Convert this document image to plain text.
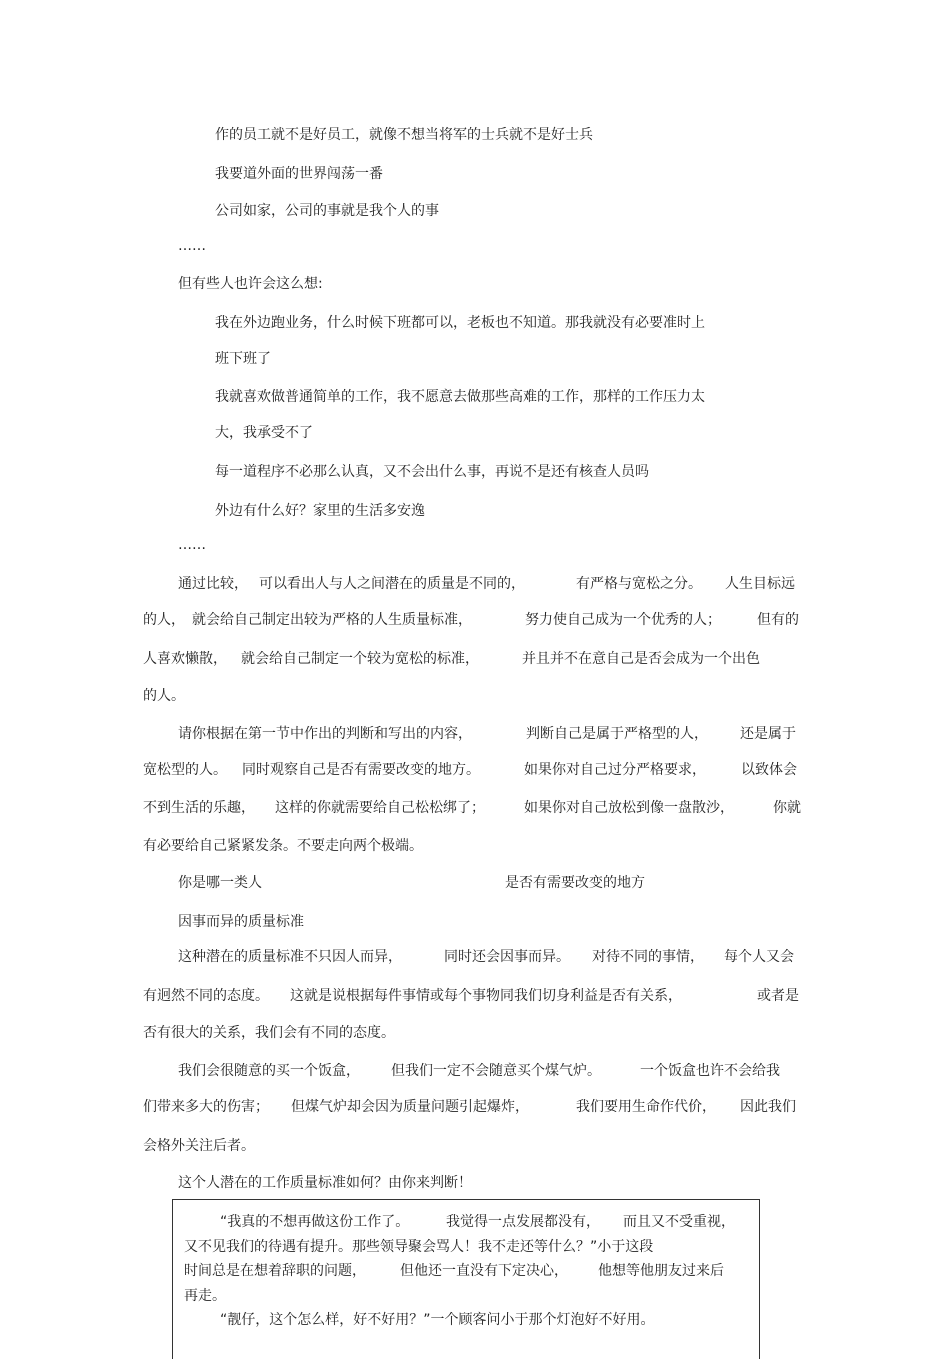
作的员工就不是好员工，就像不想当将军的士兵就不是好士兵
我要道外面的世界闯荡一番
公司如家，公司的事就是我个人的事
……
但有些人也许会这么想:
我在外边跑业务，什么时候下班都可以，老板也不知道。那我就没有必要准时上
班下班了
我就喜欢做普通简单的工作，我不愿意去做那些高难的工作，那样的工作压力太
大，我承受不了
每一道程序不必那么认真，又不会出什么事，再说不是还有核查人员吗
外边有什么好？家里的生活多安逸
……
通过比较， 可以看出人与人之间潜在的质量是不同的，	有严格与宽松之分。 人生目标远
的人， 就会给自己制定出较为严格的人生质量标准，	努力使自己成为一个优秀的人；	但有的
人喜欢懒散， 就会给自己制定一个较为宽松的标准，	并且并不在意自己是否会成为一个出色
的人。
请你根据在第一节中作出的判断和写出的内容，	判断自己是属于严格型的人， 还是属于
宽松型的人。 同时观察自己是否有需要改变的地方。	如果你对自己过分严格要求，	以致体会
不到生活的乐趣， 这样的你就需要给自己松松绑了；	如果你对自己放松到像一盘散沙，	你就
有必要给自己紧紧发条。不要走向两个极端。
你是哪一类人	是否有需要改变的地方
因事而异的质量标准
这种潜在的质量标准不只因人而异，	同时还会因事而异。 对待不同的事情， 每个人又会
有迥然不同的态度。 这就是说根据每件事情或每个事物同我们切身利益是否有关系，	或者是
否有很大的关系，我们会有不同的态度。
我们会很随意的买一个饭盒， 但我们一定不会随意买个煤气炉。	一个饭盒也许不会给我
们带来多大的伤害； 但煤气炉却会因为质量问题引起爆炸，	我们要用生命作代价， 因此我们
会格外关注后者。
这个人潜在的工作质量标准如何？由你来判断！
“我真的不想再做这份工作了。	我觉得一点发展都没有， 而且又不受重视，
又不见我们的待遇有提升。那些领导聚会骂人！我不走还等什么？”小于这段
时间总是在想着辞职的问题， 但他还一直没有下定决心， 他想等他朋友过来后
再走。
“靓仔，这个怎么样，好不好用？”一个顾客问小于那个灯泡好不好用。
